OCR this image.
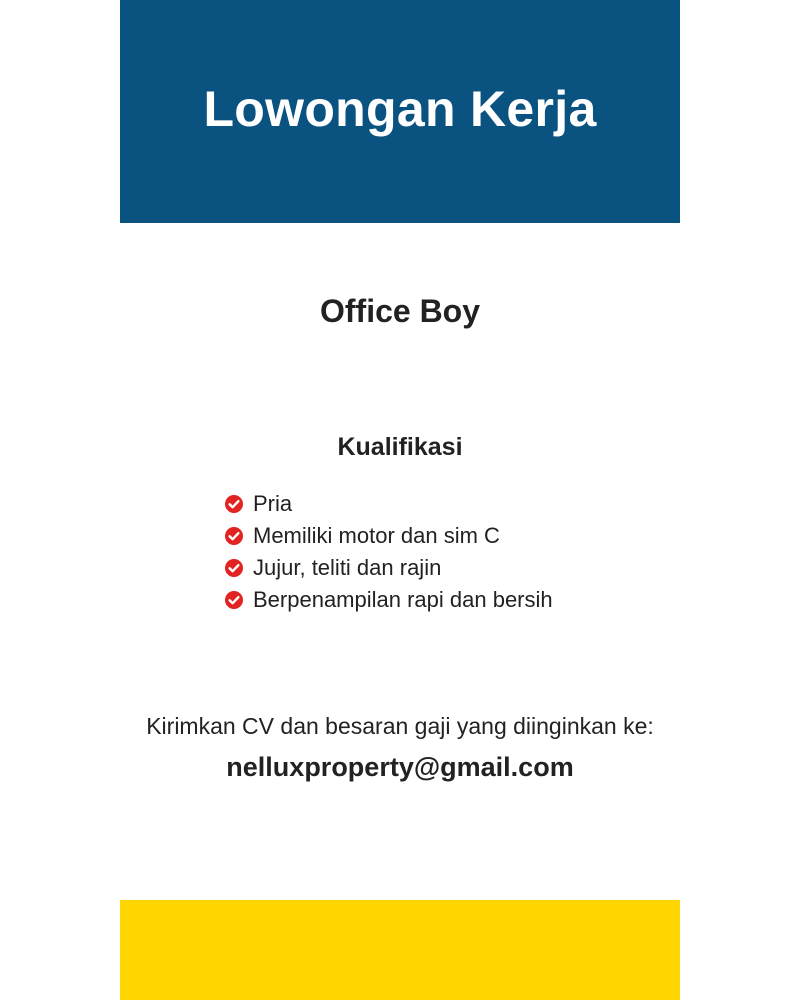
Lowongan Kerja
Office Boy
Kualifikasi
Pria
Memiliki motor dan sim C
Jujur, teliti dan rajin
Berpenampilan rapi dan bersih
Kirimkan CV dan besaran gaji yang diinginkan ke:
nelluxproperty@gmail.com
